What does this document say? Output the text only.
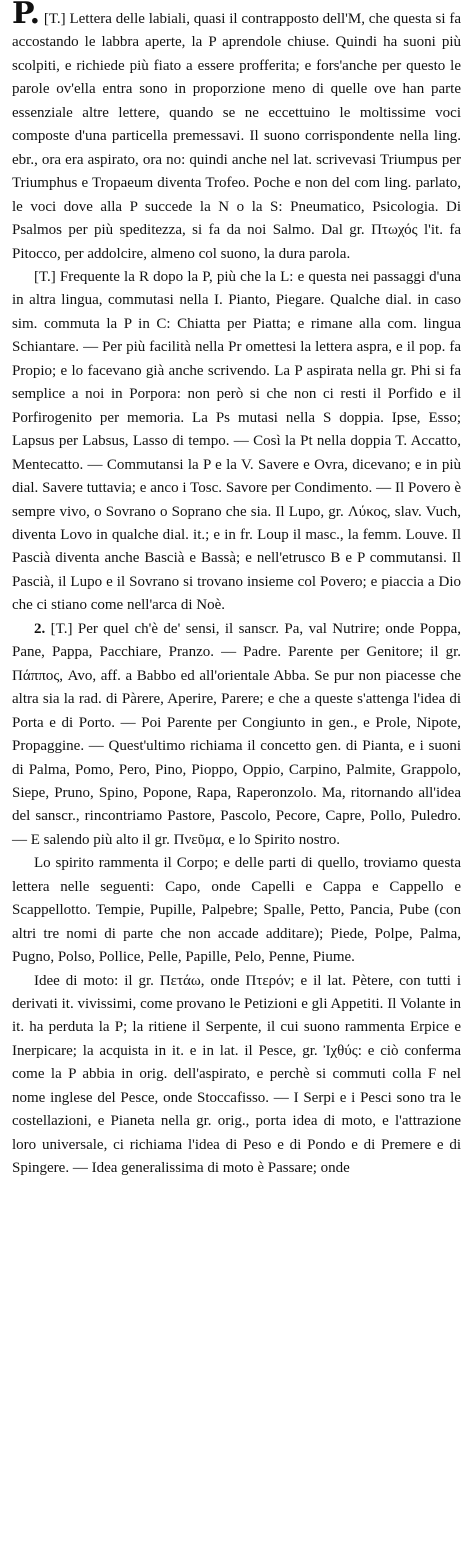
P. [T.] Lettera delle labiali, quasi il contrapposto dell'M, che questa si fa accostando le labbra aperte, la P aprendole chiuse. Quindi ha suoni più scolpiti, e richiede più fiato a essere profferita; e fors'anche per questo le parole ov'ella entra sono in proporzione meno di quelle ove han parte essenziale altre lettere, quando se ne eccettuino le moltissime voci composte d'una particella premessavi. Il suono corrispondente nella ling. ebr., ora era aspirato, ora no: quindi anche nel lat. scrivevasi Triumpus per Triumphus e Tropaeum diventa Trofeo. Poche e non del com ling. parlato, le voci dove alla P succede la N o la S: Pneumatico, Psicologia. Di Psalmos per più speditezza, si fa da noi Salmo. Dal gr. Πτωχός l'it. fa Pitocco, per addolcire, almeno col suono, la dura parola.

[T.] Frequente la R dopo la P, più che la L: e questa nei passaggi d'una in altra lingua, commutasi nella I. Pianto, Piegare. Qualche dial. in caso sim. commuta la P in C: Chiatta per Piatta; e rimane alla com. lingua Schiantare. — Per più facilità nella Pr omettesi la lettera aspra, e il pop. fa Propio; e lo facevano già anche scrivendo. La P aspirata nella gr. Phi si fa semplice a noi in Porpora: non però si che non ci resti il Porfido e il Porfirogenito per memoria. La Ps mutasi nella S doppia. Ipse, Esso; Lapsus per Labsus, Lasso di tempo. — Così la Pt nella doppia T. Accatto, Mentecatto. — Commutansi la P e la V. Savere e Ovra, dicevano; e in più dial. Savere tuttavia; e anco i Tosc. Savore per Condimento. — Il Povero è sempre vivo, o Sovrano o Soprano che sia. Il Lupo, gr. Λύκος, slav. Vuch, diventa Lovo in qualche dial. it.; e in fr. Loup il masc., la femm. Louve. Il Pascià diventa anche Bascià e Bassà; e nell'etrusco B e P commutansi. Il Pascià, il Lupo e il Sovrano si trovano insieme col Povero; e piaccia a Dio che ci stiano come nell'arca di Noè.

2. [T.] Per quel ch'è de' sensi, il sanscr. Pa, val Nutrire; onde Poppa, Pane, Pappa, Pacchiare, Pranzo. — Padre. Parente per Genitore; il gr. Πάππος, Avo, aff. a Babbo ed all'orientale Abba. Se pur non piacesse che altra sia la rad. di Pàrere, Aperire, Parere; e che a queste s'attenga l'idea di Porta e di Porto. — Poi Parente per Congiunto in gen., e Prole, Nipote, Propaggine. — Quest'ultimo richiama il concetto gen. di Pianta, e i suoni di Palma, Pomo, Pero, Pino, Pioppo, Oppio, Carpino, Palmite, Grappolo, Siepe, Pruno, Spino, Popone, Rapa, Raperonzolo. Ma, ritornando all'idea del sanscr., rincontriamo Pastore, Pascolo, Pecore, Capre, Pollo, Puledro. — E salendo più alto il gr. Πνεῦμα, e lo Spirito nostro.

Lo spirito rammenta il Corpo; e delle parti di quello, troviamo questa lettera nelle seguenti: Capo, onde Capelli e Cappa e Cappello e Scappellotto. Tempie, Pupille, Palpebre; Spalle, Petto, Pancia, Pube (con altri tre nomi di parte che non accade additare); Piede, Polpe, Palma, Pugno, Polso, Pollice, Pelle, Papille, Pelo, Penne, Piume.

Idee di moto: il gr. Πετάω, onde Πτερόν; e il lat. Pètere, con tutti i derivati it. vivissimi, come provano le Petizioni e gli Appetiti. Il Volante in it. ha perduta la P; la ritiene il Serpente, il cui suono rammenta Erpice e Inerpicare; la acquista in it. e in lat. il Pesce, gr. Ἰχθύς: e ciò conferma come la P abbia in orig. dell'aspirato, e perchè si commuti colla F nel nome inglese del Pesce, onde Stoccafisso. — I Serpi e i Pesci sono tra le costellazioni, e Pianeta nella gr. orig., porta idea di moto, e l'attrazione loro universale, ci richiama l'idea di Peso e di Pondo e di Premere e di Spingere. — Idea generalissima di moto è Passare; onde
